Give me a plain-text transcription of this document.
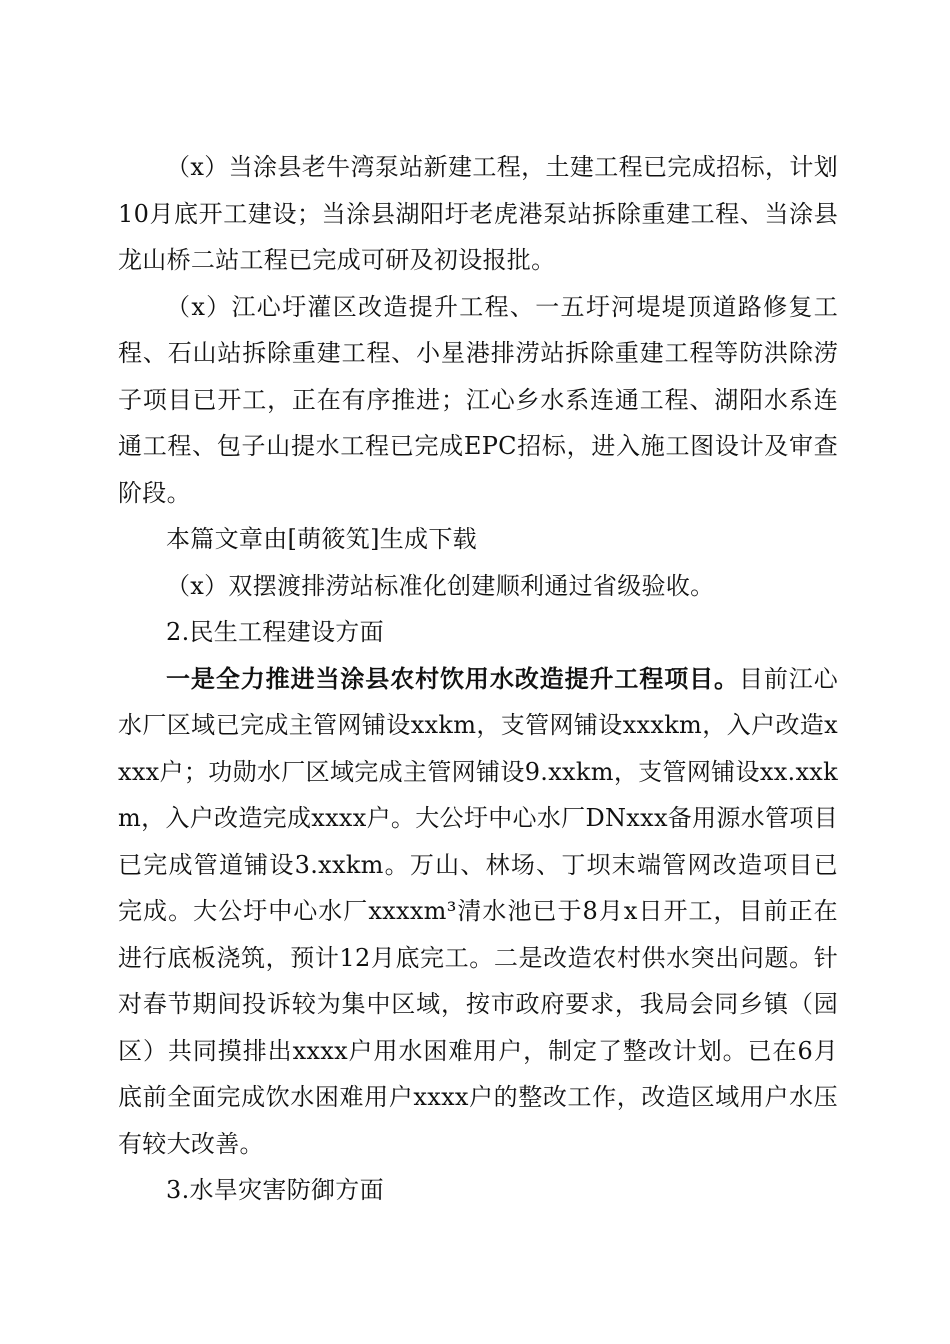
（x）当涂县老牛湾泵站新建工程，土建工程已完成招标，计划10月底开工建设；当涂县湖阳圩老虎港泵站拆除重建工程、当涂县龙山桥二站工程已完成可研及初设报批。

（x）江心圩灌区改造提升工程、一五圩河堤堤顶道路修复工程、石山站拆除重建工程、小星港排涝站拆除重建工程等防洪除涝子项目已开工，正在有序推进；江心乡水系连通工程、湖阳水系连通工程、包子山提水工程已完成EPC招标，进入施工图设计及审查阶段。

本篇文章由[萌筱笂]生成下载

（x）双摆渡排涝站标准化创建顺利通过省级验收。

2.民生工程建设方面

一是全力推进当涂县农村饮用水改造提升工程项目。目前江心水厂区域已完成主管网铺设xxkm，支管网铺设xxxkm，入户改造xxxx户；功勋水厂区域完成主管网铺设9.xxkm，支管网铺设xx.xxkm，入户改造完成xxxx户。大公圩中心水厂DNxxx备用源水管项目已完成管道铺设3.xxkm。万山、林场、丁坝末端管网改造项目已完成。大公圩中心水厂xxxxm³清水池已于8月x日开工，目前正在进行底板浇筑，预计12月底完工。二是改造农村供水突出问题。针对春节期间投诉较为集中区域，按市政府要求，我局会同乡镇（园区）共同摸排出xxxx户用水困难用户，制定了整改计划。已在6月底前全面完成饮水困难用户xxxx户的整改工作，改造区域用户水压有较大改善。

3.水旱灾害防御方面
